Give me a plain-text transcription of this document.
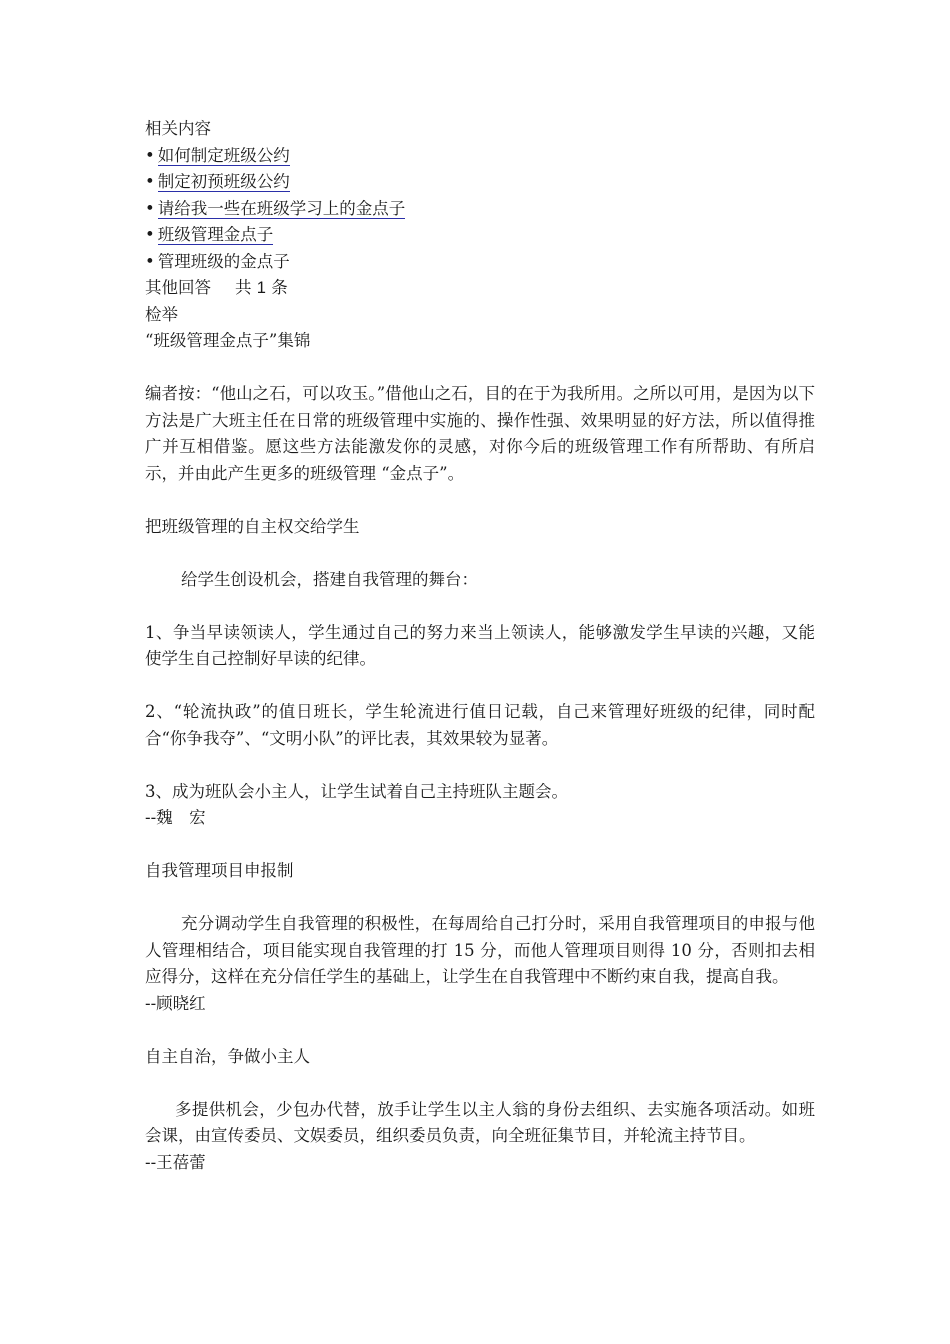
相关内容
• 如何制定班级公约
• 制定初预班级公约
• 请给我一些在班级学习上的金点子
• 班级管理金点子
• 管理班级的金点子
其他回答 共 1 条
检举
“班级管理金点子”集锦
编者按：“他山之石，可以攻玉。”借他山之石，目的在于为我所用。之所以可用，是因为以下方法是广大班主任在日常的班级管理中实施的、操作性强、效果明显的好方法，所以值得推广并互相借鉴。愿这些方法能激发你的灵感，对你今后的班级管理工作有所帮助、有所启示，并由此产生更多的班级管理 “金点子”。
把班级管理的自主权交给学生
给学生创设机会，搭建自我管理的舞台：
1、争当早读领读人，学生通过自己的努力来当上领读人，能够激发学生早读的兴趣，又能使学生自己控制好早读的纪律。
2、“轮流执政”的值日班长，学生轮流进行值日记载，自己来管理好班级的纪律，同时配合“你争我夺”、“文明小队”的评比表，其效果较为显著。
3、成为班队会小主人，让学生试着自己主持班队主题会。
--魏　宏
自我管理项目申报制
充分调动学生自我管理的积极性，在每周给自己打分时，采用自我管理项目的申报与他人管理相结合，项目能实现自我管理的打 15 分，而他人管理项目则得 10 分，否则扣去相应得分，这样在充分信任学生的基础上，让学生在自我管理中不断约束自我，提高自我。
--顾晓红
自主自治，争做小主人
多提供机会，少包办代替，放手让学生以主人翁的身份去组织、去实施各项活动。如班会课，由宣传委员、文娱委员，组织委员负责，向全班征集节目，并轮流主持节目。
--王蓓蕾
